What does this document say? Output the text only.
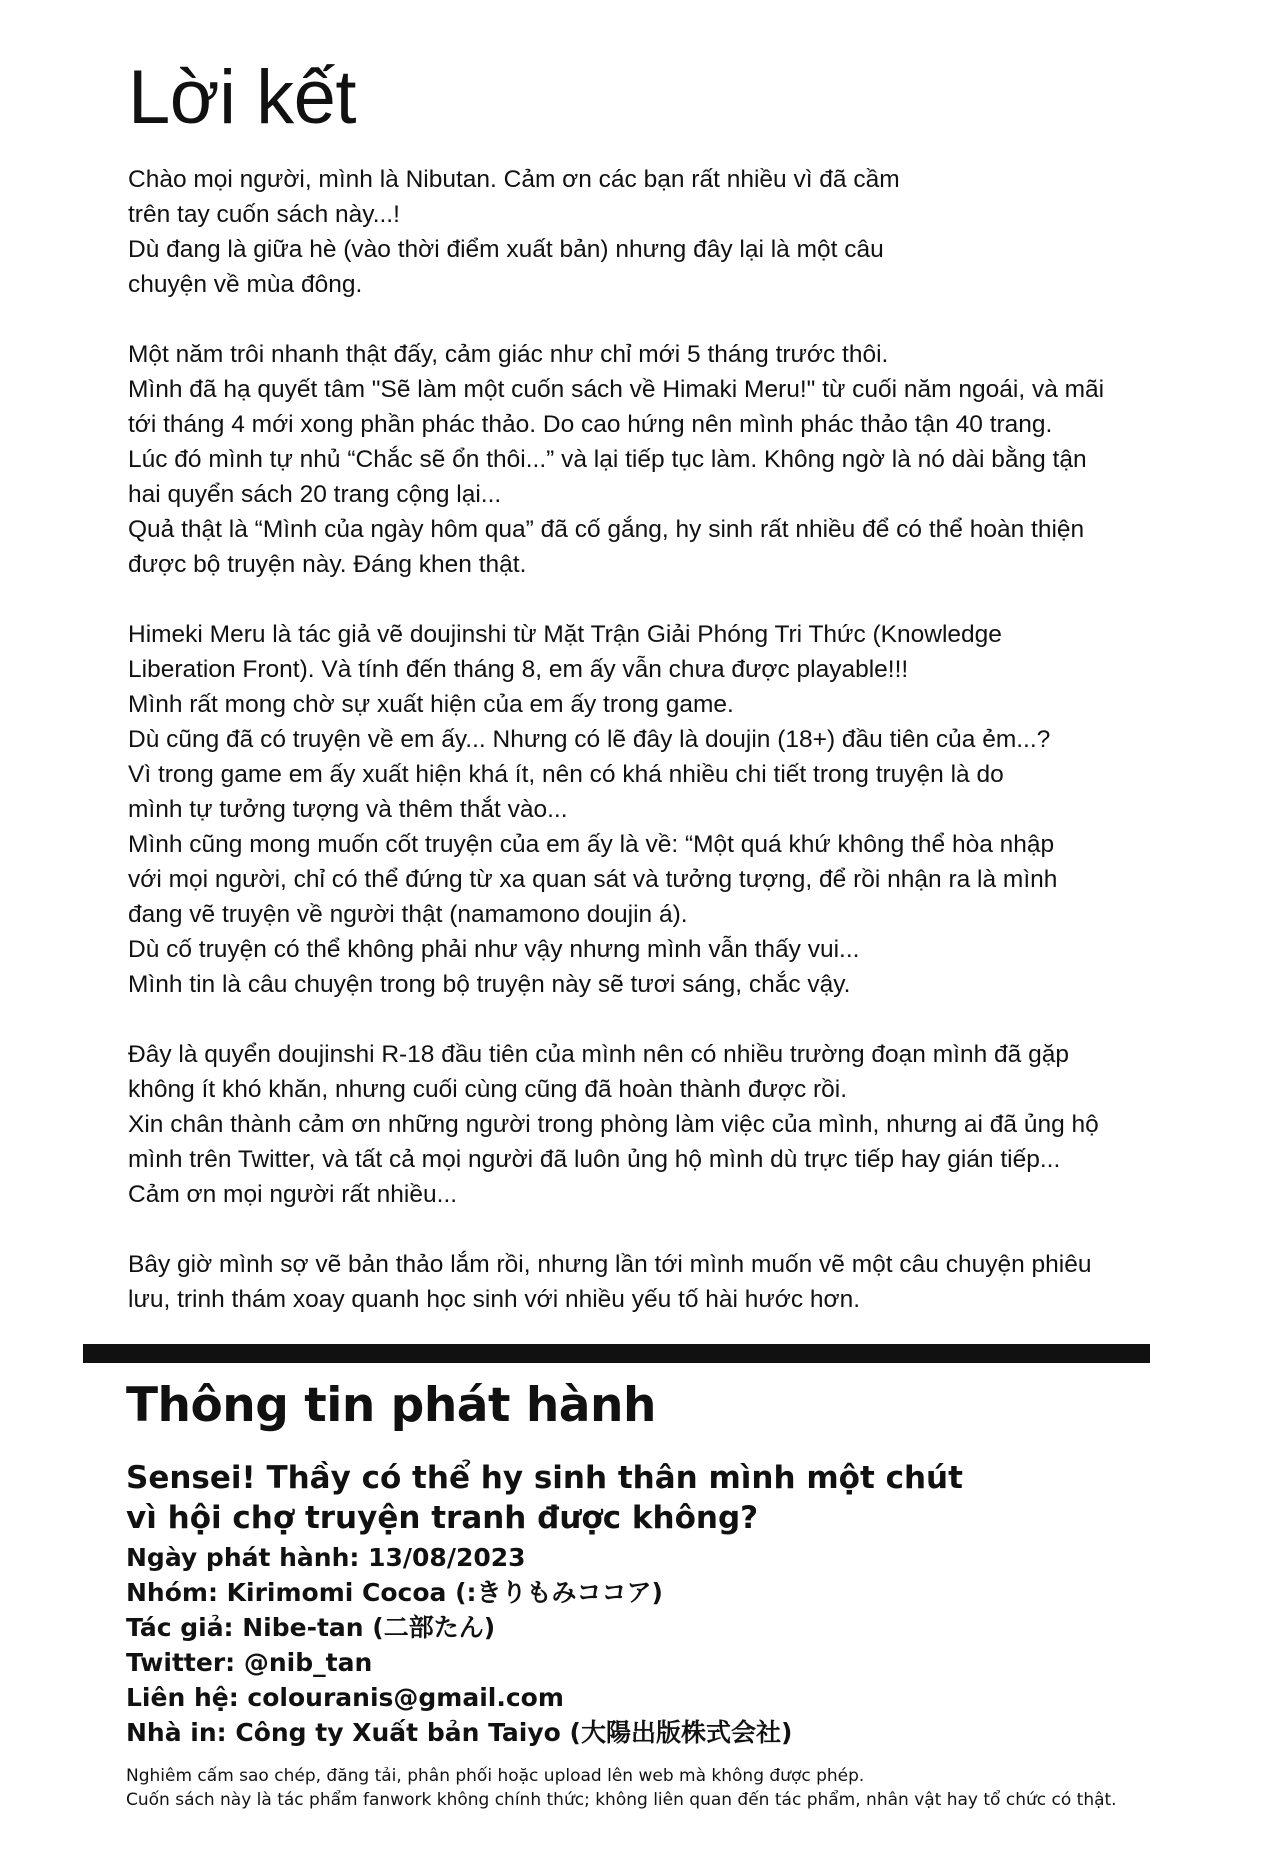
Lời kết

Chào mọi người, mình là Nibutan. Cảm ơn các bạn rất nhiều vì đã cầm
trên tay cuốn sách này...!
Dù đang là giữa hè (vào thời điểm xuất bản) nhưng đây lại là một câu
chuyện về mùa đông.

Một năm trôi nhanh thật đấy, cảm giác như chỉ mới 5 tháng trước thôi.
Mình đã hạ quyết tâm "Sẽ làm một cuốn sách về Himaki Meru!" từ cuối năm ngoái, và mãi
tới tháng 4 mới xong phần phác thảo. Do cao hứng nên mình phác thảo tận 40 trang.
Lúc đó mình tự nhủ “Chắc sẽ ổn thôi...” và lại tiếp tục làm. Không ngờ là nó dài bằng tận
hai quyển sách 20 trang cộng lại...
Quả thật là “Mình của ngày hôm qua” đã cố gắng, hy sinh rất nhiều để có thể hoàn thiện
được bộ truyện này. Đáng khen thật.

Himeki Meru là tác giả vẽ doujinshi từ Mặt Trận Giải Phóng Tri Thức (Knowledge
Liberation Front). Và tính đến tháng 8, em ấy vẫn chưa được playable!!!
Mình rất mong chờ sự xuất hiện của em ấy trong game.
Dù cũng đã có truyện về em ấy... Nhưng có lẽ đây là doujin (18+) đầu tiên của ẻm...?
Vì trong game em ấy xuất hiện khá ít, nên có khá nhiều chi tiết trong truyện là do
mình tự tưởng tượng và thêm thắt vào...
Mình cũng mong muốn cốt truyện của em ấy là về: “Một quá khứ không thể hòa nhập
với mọi người, chỉ có thể đứng từ xa quan sát và tưởng tượng, để rồi nhận ra là mình
đang vẽ truyện về người thật (namamono doujin á).
Dù cố truyện có thể không phải như vậy nhưng mình vẫn thấy vui...
Mình tin là câu chuyện trong bộ truyện này sẽ tươi sáng, chắc vậy.

Đây là quyển doujinshi R-18 đầu tiên của mình nên có nhiều trường đoạn mình đã gặp
không ít khó khăn, nhưng cuối cùng cũng đã hoàn thành được rồi.
Xin chân thành cảm ơn những người trong phòng làm việc của mình, nhưng ai đã ủng hộ
mình trên Twitter, và tất cả mọi người đã luôn ủng hộ mình dù trực tiếp hay gián tiếp...
Cảm ơn mọi người rất nhiều...

Bây giờ mình sợ vẽ bản thảo lắm rồi, nhưng lần tới mình muốn vẽ một câu chuyện phiêu
lưu, trinh thám xoay quanh học sinh với nhiều yếu tố hài hước hơn.

Thông tin phát hành
Sensei! Thầy có thể hy sinh thân mình một chút
vì hội chợ truyện tranh được không?
Ngày phát hành: 13/08/2023
Nhóm: Kirimomi Cocoa (:きりもみココア)
Tác giả: Nibe-tan (二部たん)
Twitter: @nib_tan
Liên hệ: colouranis@gmail.com
Nhà in: Công ty Xuất bản Taiyo (大陽出版株式会社)
Nghiêm cấm sao chép, đăng tải, phân phối hoặc upload lên web mà không được phép.
Cuốn sách này là tác phẩm fanwork không chính thức; không liên quan đến tác phẩm, nhân vật hay tổ chức có thật.
